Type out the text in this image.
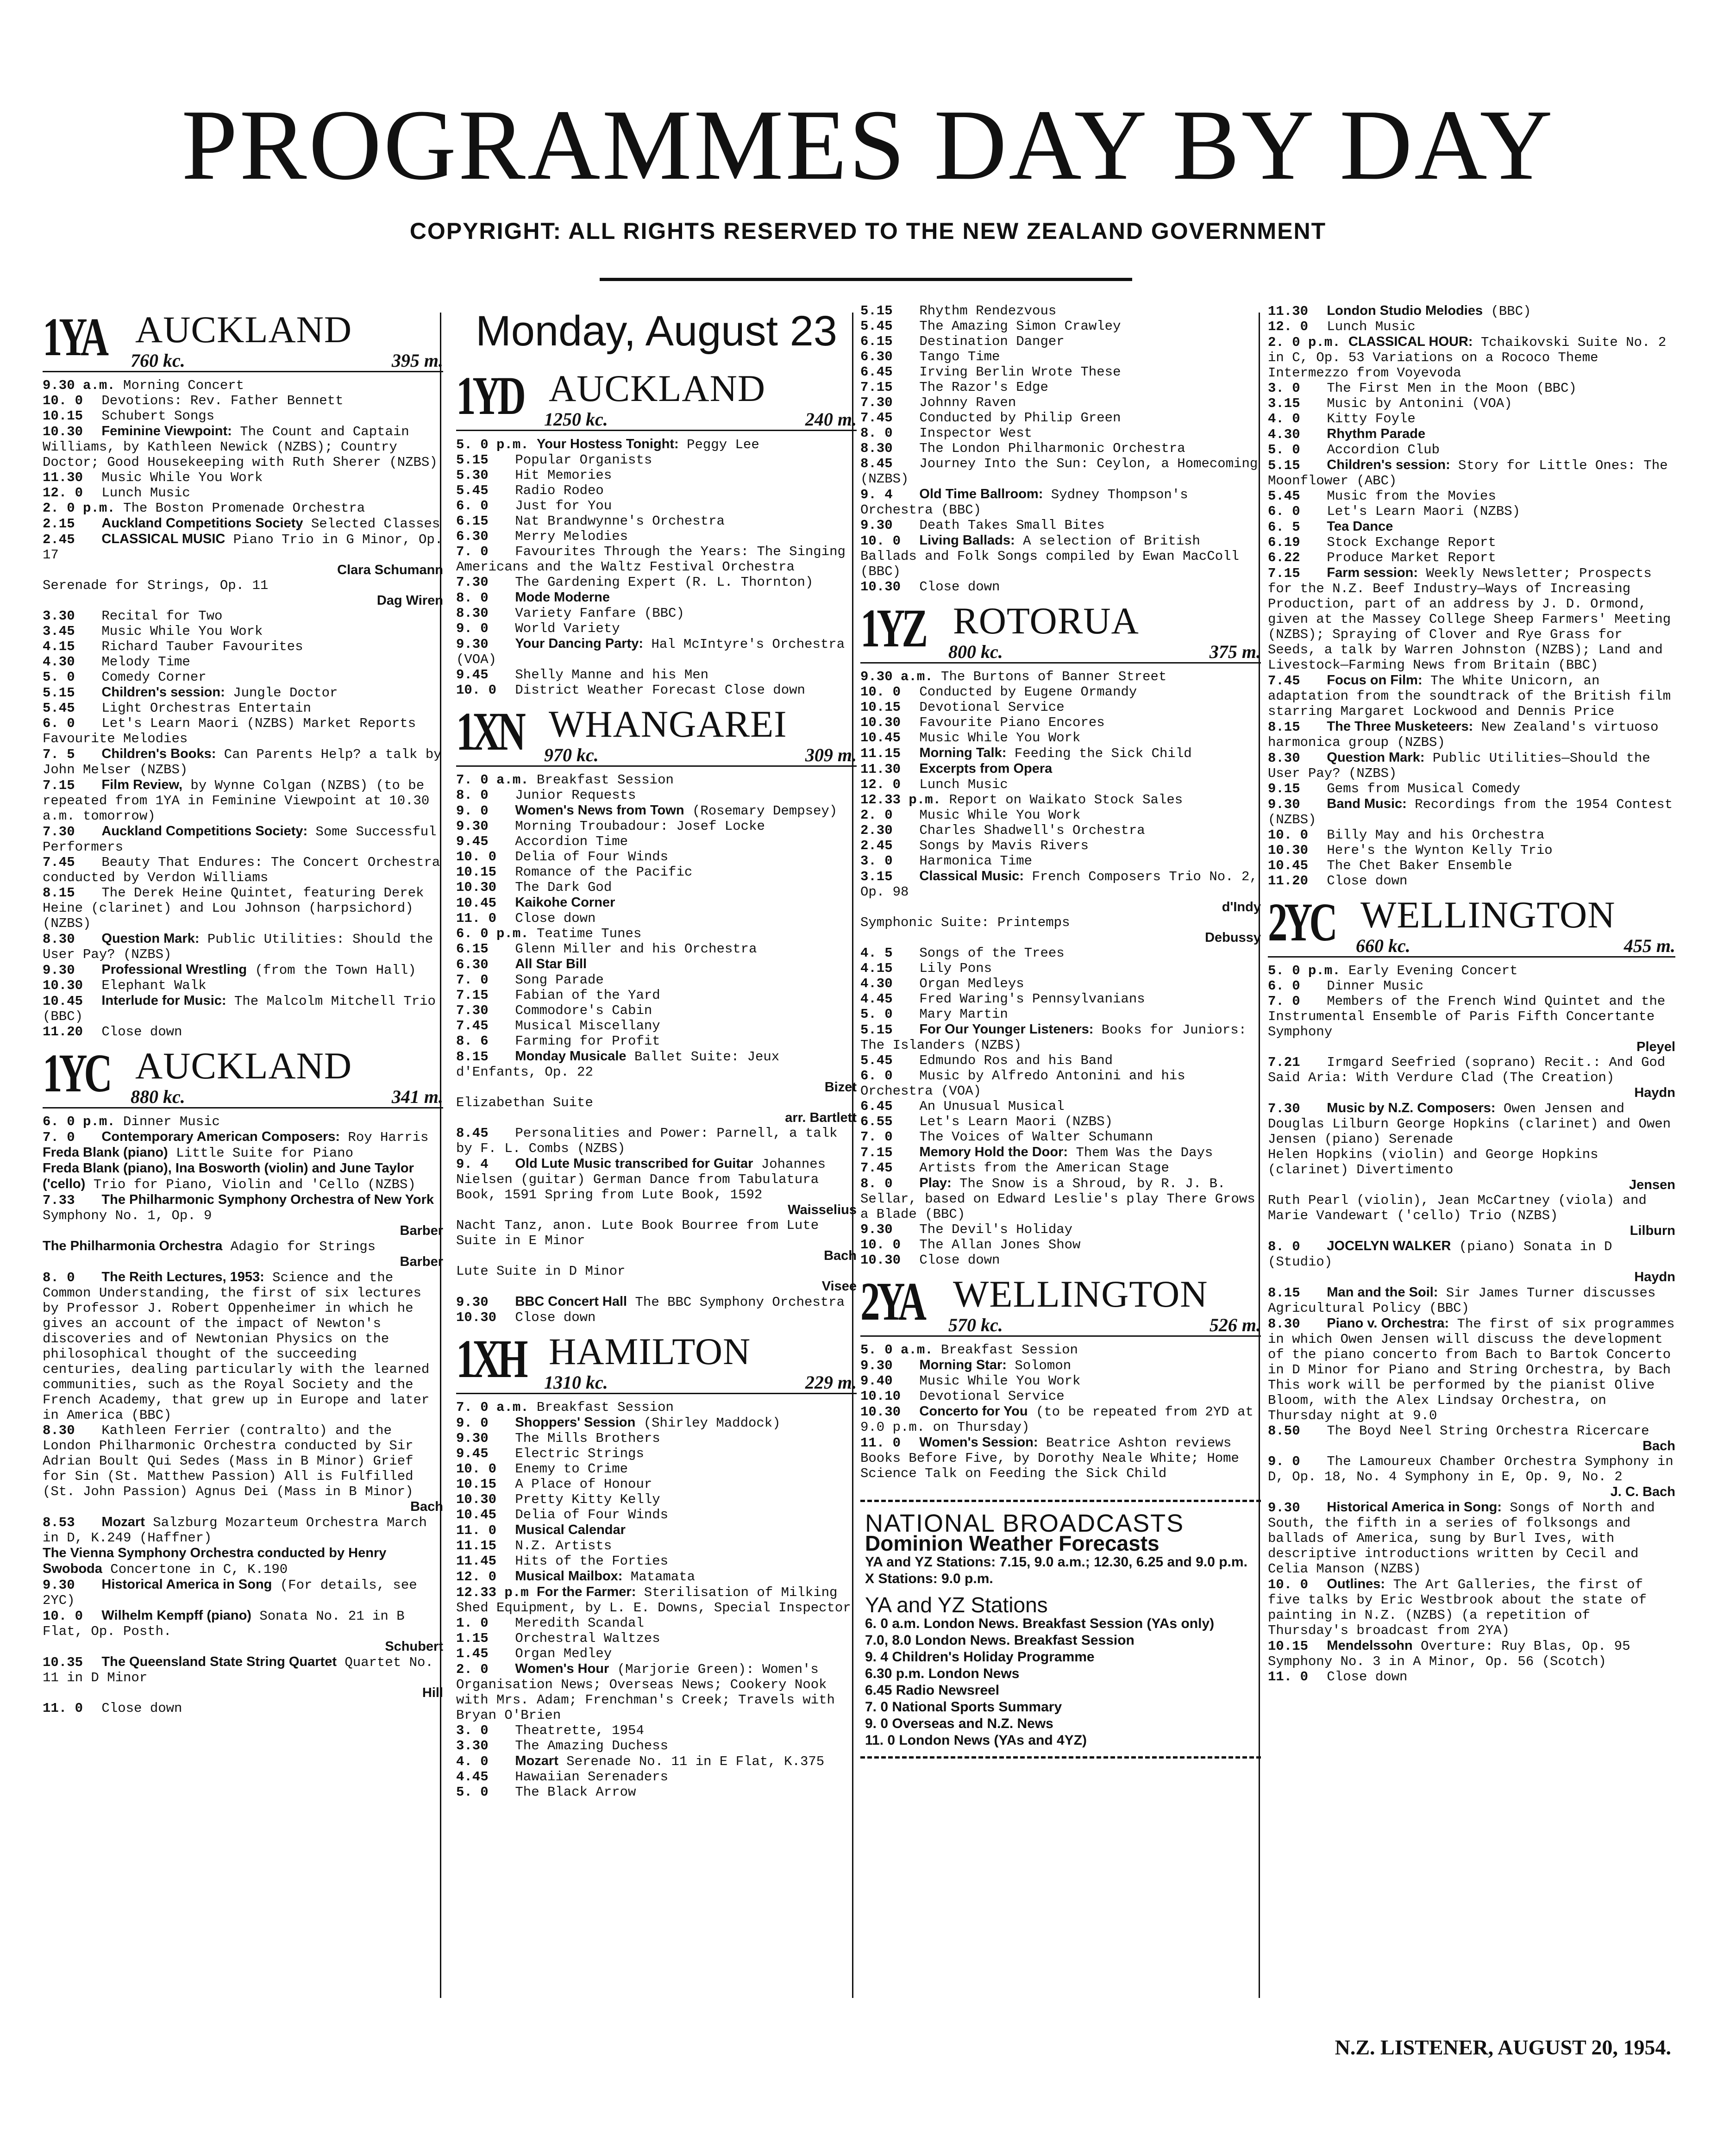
PROGRAMMES DAY BY DAY
COPYRIGHT: ALL RIGHTS RESERVED TO THE NEW ZEALAND GOVERNMENT
1YA AUCKLAND
760 kc.	395 m.

9.30 a.m. Morning Concert

10. 0 Devotions: Rev. Father Bennett

10.15 Schubert Songs

10.30 Feminine Viewpoint: The Count and Captain Williams, by Kathleen Newick (NZBS); Country Doctor; Good Housekeeping with Ruth Sherer (NZBS)

11.30 Music While You Work

12. 0 Lunch Music

2. 0 p.m. The Boston Promenade Orchestra

2.15 Auckland Competitions Society Selected Classes

2.45 CLASSICAL MUSIC Piano Trio in G Minor, Op. 17
Clara Schumann

Serenade for Strings, Op. 11
Dag Wiren

3.30 Recital for Two

3.45 Music While You Work

4.15 Richard Tauber Favourites

4.30 Melody Time

5. 0 Comedy Corner

5.15 Children's session: Jungle Doctor

5.45 Light Orchestras Entertain

6. 0 Let's Learn Maori (NZBS) Market Reports Favourite Melodies

7. 5 Children's Books: Can Parents Help? a talk by John Melser (NZBS)

7.15 Film Review, by Wynne Colgan (NZBS) (to be repeated from 1YA in Feminine Viewpoint at 10.30 a.m. tomorrow)

7.30 Auckland Competitions Society: Some Successful Performers

7.45 Beauty That Endures: The Concert Orchestra conducted by Verdon Williams

8.15 The Derek Heine Quintet, featuring Derek Heine (clarinet) and Lou Johnson (harpsichord) (NZBS)

8.30 Question Mark: Public Utilities: Should the User Pay? (NZBS)

9.30 Professional Wrestling (from the Town Hall)

10.30 Elephant Walk

10.45 Interlude for Music: The Malcolm Mitchell Trio (BBC)

11.20 Close down

1YC AUCKLAND
880 kc.	341 m.

6. 0 p.m. Dinner Music

7. 0 Contemporary American Composers: Roy Harris

Freda Blank (piano) Little Suite for Piano

Freda Blank (piano), Ina Bosworth (violin) and June Taylor ('cello) Trio for Piano, Violin and 'Cello (NZBS)

7.33 The Philharmonic Symphony Orchestra of New York Symphony No. 1, Op. 9
Barber

The Philharmonia Orchestra Adagio for Strings
Barber

8. 0 The Reith Lectures, 1953: Science and the Common Understanding, the first of six lectures by Professor J. Robert Oppenheimer in which he gives an account of the impact of Newton's discoveries and of Newtonian Physics on the philosophical thought of the succeeding centuries, dealing particularly with the learned communities, such as the Royal Society and the French Academy, that grew up in Europe and later in America (BBC)

8.30 Kathleen Ferrier (contralto) and the London Philharmonic Orchestra conducted by Sir Adrian Boult Qui Sedes (Mass in B Minor) Grief for Sin (St. Matthew Passion) All is Fulfilled (St. John Passion) Agnus Dei (Mass in B Minor)
Bach

8.53 Mozart Salzburg Mozarteum Orchestra March in D, K.249 (Haffner)

The Vienna Symphony Orchestra conducted by Henry Swoboda Concertone in C, K.190

9.30 Historical America in Song (For details, see 2YC)

10. 0 Wilhelm Kempff (piano) Sonata No. 21 in B Flat, Op. Posth.
Schubert

10.35 The Queensland State String Quartet Quartet No. 11 in D Minor
Hill

11. 0 Close down

Monday, August 23
1YD AUCKLAND
1250 kc.	240 m.

5. 0 p.m. Your Hostess Tonight: Peggy Lee

5.15 Popular Organists

5.30 Hit Memories

5.45 Radio Rodeo

6. 0 Just for You

6.15 Nat Brandwynne's Orchestra

6.30 Merry Melodies

7. 0 Favourites Through the Years: The Singing Americans and the Waltz Festival Orchestra

7.30 The Gardening Expert (R. L. Thornton)

8. 0 Mode Moderne

8.30 Variety Fanfare (BBC)

9. 0 World Variety

9.30 Your Dancing Party: Hal McIntyre's Orchestra (VOA)

9.45 Shelly Manne and his Men

10. 0 District Weather Forecast Close down

1XN WHANGAREI
970 kc.	309 m.

7. 0 a.m. Breakfast Session

8. 0 Junior Requests

9. 0 Women's News from Town (Rosemary Dempsey)

9.30 Morning Troubadour: Josef Locke

9.45 Accordion Time

10. 0 Delia of Four Winds

10.15 Romance of the Pacific

10.30 The Dark God

10.45 Kaikohe Corner

11. 0 Close down

6. 0 p.m. Teatime Tunes

6.15 Glenn Miller and his Orchestra

6.30 All Star Bill

7. 0 Song Parade

7.15 Fabian of the Yard

7.30 Commodore's Cabin

7.45 Musical Miscellany

8. 6 Farming for Profit

8.15 Monday Musicale Ballet Suite: Jeux d'Enfants, Op. 22
Bizet

Elizabethan Suite
arr. Bartlett

8.45 Personalities and Power: Parnell, a talk by F. L. Combs (NZBS)

9. 4 Old Lute Music transcribed for Guitar Johannes Nielsen (guitar) German Dance from Tabulatura Book, 1591 Spring from Lute Book, 1592
Waisselius

Nacht Tanz, anon. Lute Book Bourree from Lute Suite in E Minor
Bach

Lute Suite in D Minor
Visee

9.30 BBC Concert Hall The BBC Symphony Orchestra

10.30 Close down

1XH HAMILTON
1310 kc.	229 m.

7. 0 a.m. Breakfast Session

9. 0 Shoppers' Session (Shirley Maddock)

9.30 The Mills Brothers

9.45 Electric Strings

10. 0 Enemy to Crime

10.15 A Place of Honour

10.30 Pretty Kitty Kelly

10.45 Delia of Four Winds

11. 0 Musical Calendar

11.15 N.Z. Artists

11.45 Hits of the Forties

12. 0 Musical Mailbox: Matamata

12.33 p.m For the Farmer: Sterilisation of Milking Shed Equipment, by L. E. Downs, Special Inspector

1. 0 Meredith Scandal

1.15 Orchestral Waltzes

1.45 Organ Medley

2. 0 Women's Hour (Marjorie Green): Women's Organisation News; Overseas News; Cookery Nook with Mrs. Adam; Frenchman's Creek; Travels with Bryan O'Brien

3. 0 Theatrette, 1954

3.30 The Amazing Duchess

4. 0 Mozart Serenade No. 11 in E Flat, K.375

4.45 Hawaiian Serenaders

5. 0 The Black Arrow

5.15 Rhythm Rendezvous

5.45 The Amazing Simon Crawley

6.15 Destination Danger

6.30 Tango Time

6.45 Irving Berlin Wrote These

7.15 The Razor's Edge

7.30 Johnny Raven

7.45 Conducted by Philip Green

8. 0 Inspector West

8.30 The London Philharmonic Orchestra

8.45 Journey Into the Sun: Ceylon, a Homecoming (NZBS)

9. 4 Old Time Ballroom: Sydney Thompson's Orchestra (BBC)

9.30 Death Takes Small Bites

10. 0 Living Ballads: A selection of British Ballads and Folk Songs compiled by Ewan MacColl (BBC)

10.30 Close down

1YZ ROTORUA
800 kc.	375 m.

9.30 a.m. The Burtons of Banner Street

10. 0 Conducted by Eugene Ormandy

10.15 Devotional Service

10.30 Favourite Piano Encores

10.45 Music While You Work

11.15 Morning Talk: Feeding the Sick Child

11.30 Excerpts from Opera

12. 0 Lunch Music

12.33 p.m. Report on Waikato Stock Sales

2. 0 Music While You Work

2.30 Charles Shadwell's Orchestra

2.45 Songs by Mavis Rivers

3. 0 Harmonica Time

3.15 Classical Music: French Composers Trio No. 2, Op. 98
d'Indy

Symphonic Suite: Printemps
Debussy

4. 5 Songs of the Trees

4.15 Lily Pons

4.30 Organ Medleys

4.45 Fred Waring's Pennsylvanians

5. 0 Mary Martin

5.15 For Our Younger Listeners: Books for Juniors: The Islanders (NZBS)

5.45 Edmundo Ros and his Band

6. 0 Music by Alfredo Antonini and his Orchestra (VOA)

6.45 An Unusual Musical

6.55 Let's Learn Maori (NZBS)

7. 0 The Voices of Walter Schumann

7.15 Memory Hold the Door: Them Was the Days

7.45 Artists from the American Stage

8. 0 Play: The Snow is a Shroud, by R. J. B. Sellar, based on Edward Leslie's play There Grows a Blade (BBC)

9.30 The Devil's Holiday

10. 0 The Allan Jones Show

10.30 Close down

2YA WELLINGTON
570 kc.	526 m.

5. 0 a.m. Breakfast Session

9.30 Morning Star: Solomon

9.40 Music While You Work

10.10 Devotional Service

10.30 Concerto for You (to be repeated from 2YD at 9.0 p.m. on Thursday)

11. 0 Women's Session: Beatrice Ashton reviews Books Before Five, by Dorothy Neale White; Home Science Talk on Feeding the Sick Child

NATIONAL BROADCASTS
Dominion Weather Forecasts

YA and YZ Stations: 7.15, 9.0 a.m.; 12.30, 6.25 and 9.0 p.m.

X Stations: 9.0 p.m.

YA and YZ Stations

6. 0 a.m. London News. Breakfast Session (YAs only)

7.0, 8.0 London News. Breakfast Session

9. 4 Children's Holiday Programme

6.30 p.m. London News

6.45 Radio Newsreel

7. 0 National Sports Summary

9. 0 Overseas and N.Z. News

11. 0 London News (YAs and 4YZ)

11.30 London Studio Melodies (BBC)

12. 0 Lunch Music

2. 0 p.m. CLASSICAL HOUR: Tchaikovski Suite No. 2 in C, Op. 53 Variations on a Rococo Theme Intermezzo from Voyevoda

3. 0 The First Men in the Moon (BBC)

3.15 Music by Antonini (VOA)

4. 0 Kitty Foyle

4.30 Rhythm Parade

5. 0 Accordion Club

5.15 Children's session: Story for Little Ones: The Moonflower (ABC)

5.45 Music from the Movies

6. 0 Let's Learn Maori (NZBS)

6. 5 Tea Dance

6.19 Stock Exchange Report

6.22 Produce Market Report

7.15 Farm session: Weekly Newsletter; Prospects for the N.Z. Beef Industry—Ways of Increasing Production, part of an address by J. D. Ormond, given at the Massey College Sheep Farmers' Meeting (NZBS); Spraying of Clover and Rye Grass for Seeds, a talk by Warren Johnston (NZBS); Land and Livestock—Farming News from Britain (BBC)

7.45 Focus on Film: The White Unicorn, an adaptation from the soundtrack of the British film starring Margaret Lockwood and Dennis Price

8.15 The Three Musketeers: New Zealand's virtuoso harmonica group (NZBS)

8.30 Question Mark: Public Utilities—Should the User Pay? (NZBS)

9.15 Gems from Musical Comedy

9.30 Band Music: Recordings from the 1954 Contest (NZBS)

10. 0 Billy May and his Orchestra

10.30 Here's the Wynton Kelly Trio

10.45 The Chet Baker Ensemble

11.20 Close down

2YC WELLINGTON
660 kc.	455 m.

5. 0 p.m. Early Evening Concert

6. 0 Dinner Music

7. 0 Members of the French Wind Quintet and the Instrumental Ensemble of Paris Fifth Concertante Symphony
Pleyel

7.21 Irmgard Seefried (soprano) Recit.: And God Said Aria: With Verdure Clad (The Creation)
Haydn

7.30 Music by N.Z. Composers: Owen Jensen and Douglas Lilburn George Hopkins (clarinet) and Owen Jensen (piano) Serenade

Helen Hopkins (violin) and George Hopkins (clarinet) Divertimento
Jensen

Ruth Pearl (violin), Jean McCartney (viola) and Marie Vandewart ('cello) Trio (NZBS)
Lilburn

8. 0 JOCELYN WALKER (piano) Sonata in D (Studio)
Haydn

8.15 Man and the Soil: Sir James Turner discusses Agricultural Policy (BBC)

8.30 Piano v. Orchestra: The first of six programmes in which Owen Jensen will discuss the development of the piano concerto from Bach to Bartok Concerto in D Minor for Piano and String Orchestra, by Bach This work will be performed by the pianist Olive Bloom, with the Alex Lindsay Orchestra, on Thursday night at 9.0

8.50 The Boyd Neel String Orchestra Ricercare
Bach

9. 0 The Lamoureux Chamber Orchestra Symphony in D, Op. 18, No. 4 Symphony in E, Op. 9, No. 2
J. C. Bach

9.30 Historical America in Song: Songs of North and South, the fifth in a series of folksongs and ballads of America, sung by Burl Ives, with descriptive introductions written by Cecil and Celia Manson (NZBS)

10. 0 Outlines: The Art Galleries, the first of five talks by Eric Westbrook about the state of painting in N.Z. (NZBS) (a repetition of Thursday's broadcast from 2YA)

10.15 Mendelssohn Overture: Ruy Blas, Op. 95 Symphony No. 3 in A Minor, Op. 56 (Scotch)

11. 0 Close down

N.Z. LISTENER, AUGUST 20, 1954.
